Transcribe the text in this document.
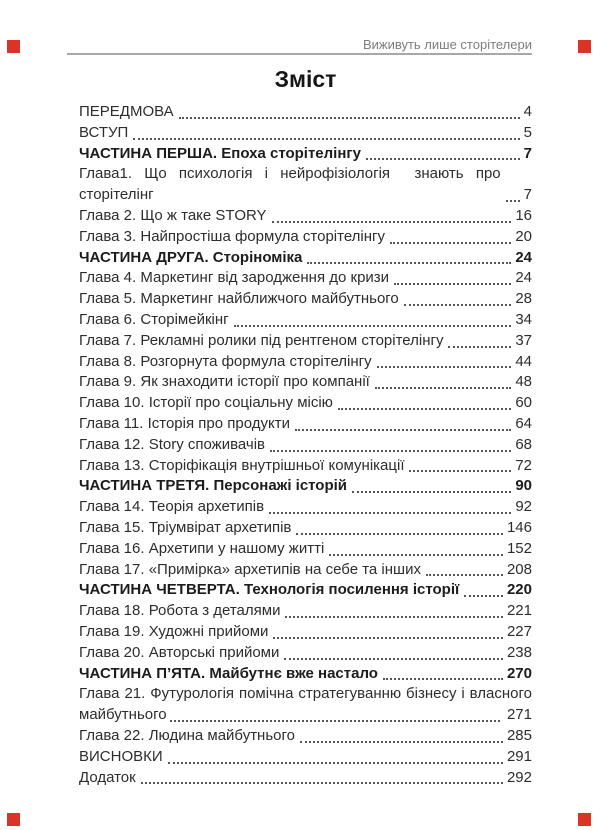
Виживуть лише сторітелери
Зміст
ПЕРЕДМОВА	4
ВСТУП	5
ЧАСТИНА ПЕРША. Епоха сторітелінгу	7
Глава1. Що психологія і нейрофізіологія  знають про сторітелінг	7
Глава 2. Що ж таке STORY	16
Глава 3. Найпростіша формула сторітелінгу	20
ЧАСТИНА ДРУГА. Сторіноміка	24
Глава 4. Маркетинг від зародження до кризи	24
Глава 5. Маркетинг найближчого майбутнього	28
Глава 6. Сторімейкінг	34
Глава 7. Рекламні ролики під рентгеном сторітелінгу	37
Глава 8. Розгорнута формула сторітелінгу	44
Глава 9. Як знаходити історії про компанії	48
Глава 10. Історії про соціальну місію	60
Глава 11. Історія про продукти	64
Глава 12. Story споживачів	68
Глава 13. Сторіфікація внутрішньої комунікації	72
ЧАСТИНА ТРЕТЯ. Персонажі історій	90
Глава 14. Теорія архетипів	92
Глава 15. Тріумвірат архетипів	146
Глава 16. Архетипи у нашому житті	152
Глава 17. «Примірка» архетипів на себе та інших	208
ЧАСТИНА ЧЕТВЕРТА. Технологія посилення історії	220
Глава 18. Робота з деталями	221
Глава 19. Художні прийоми	227
Глава 20. Авторські прийоми	238
ЧАСТИНА П’ЯТА. Майбутнє вже настало	270
Глава 21. Футурологія помічна стратегуванню бізнесу і власного майбутнього	271
Глава 22. Людина майбутнього	285
ВИСНОВКИ	291
Додаток	292
